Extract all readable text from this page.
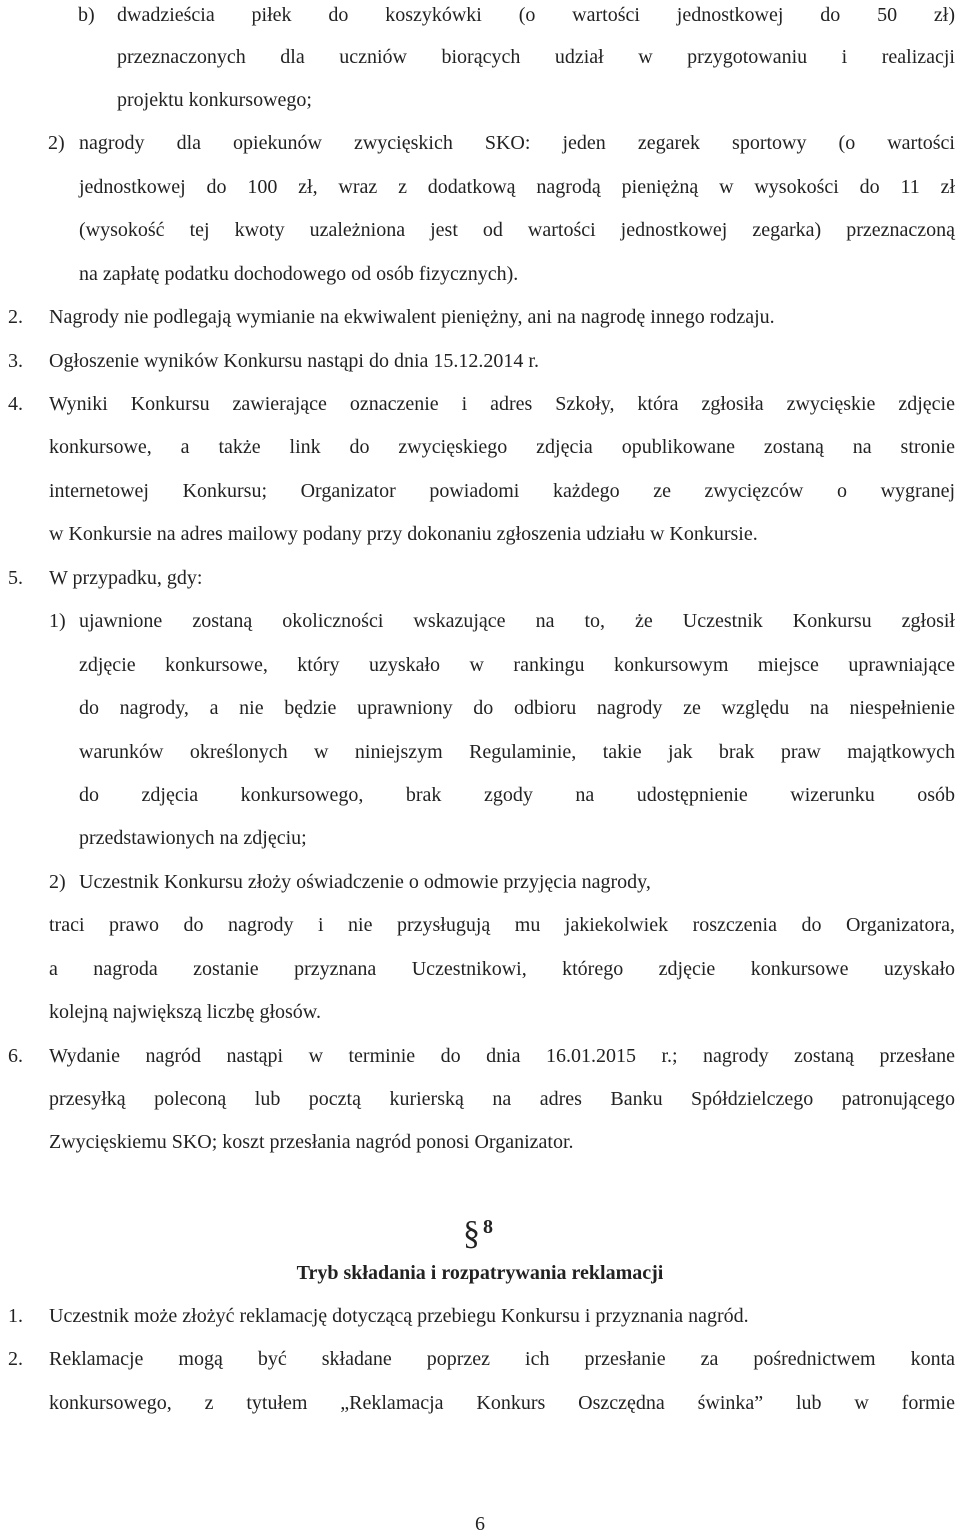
b) dwadzieścia piłek do koszykówki (o wartości jednostkowej do 50 zł)
przeznaczonych dla uczniów biorących udział w przygotowaniu i realizacji
projektu konkursowego;
2) nagrody dla opiekunów zwycięskich SKO: jeden zegarek sportowy (o wartości
jednostkowej do 100 zł, wraz z dodatkową nagrodą pieniężną w wysokości do 11 zł
(wysokość tej kwoty uzależniona jest od wartości jednostkowej zegarka) przeznaczoną
na zapłatę podatku dochodowego od osób fizycznych).
2. Nagrody nie podlegają wymianie na ekwiwalent pieniężny, ani na nagrodę innego rodzaju.
3. Ogłoszenie wyników Konkursu nastąpi do dnia 15.12.2014 r.
4. Wyniki Konkursu zawierające oznaczenie i adres Szkoły, która zgłosiła zwycięskie zdjęcie
konkursowe, a także link do zwycięskiego zdjęcia opublikowane zostaną na stronie
internetowej Konkursu; Organizator powiadomi każdego ze zwycięzców o wygranej
w Konkursie na adres mailowy podany przy dokonaniu zgłoszenia udziału w Konkursie.
5. W przypadku, gdy:
1) ujawnione zostaną okoliczności wskazujące na to, że Uczestnik Konkursu zgłosił
zdjęcie konkursowe, który uzyskało w rankingu konkursowym miejsce uprawniające
do nagrody, a nie będzie uprawniony do odbioru nagrody ze względu na niespełnienie
warunków określonych w niniejszym Regulaminie, takie jak brak praw majątkowych
do zdjęcia konkursowego, brak zgody na udostępnienie wizerunku osób
przedstawionych na zdjęciu;
2) Uczestnik Konkursu złoży oświadczenie o odmowie przyjęcia nagrody,
traci prawo do nagrody i nie przysługują mu jakiekolwiek roszczenia do Organizatora,
a nagroda zostanie przyznana Uczestnikowi, którego zdjęcie konkursowe uzyskało
kolejną największą liczbę głosów.
6. Wydanie nagród nastąpi w terminie do dnia 16.01.2015 r.; nagrody zostaną przesłane
przesyłką poleconą lub pocztą kurierską na adres Banku Spółdzielczego patronującego
Zwycięskiemu SKO; koszt przesłania nagród ponosi Organizator.
§ 8
Tryb składania i rozpatrywania reklamacji
1. Uczestnik może złożyć reklamację dotyczącą przebiegu Konkursu i przyznania nagród.
2. Reklamacje mogą być składane poprzez ich przesłanie za pośrednictwem konta
konkursowego, z tytułem „Reklamacja Konkurs Oszczędna świnka” lub w formie
6
